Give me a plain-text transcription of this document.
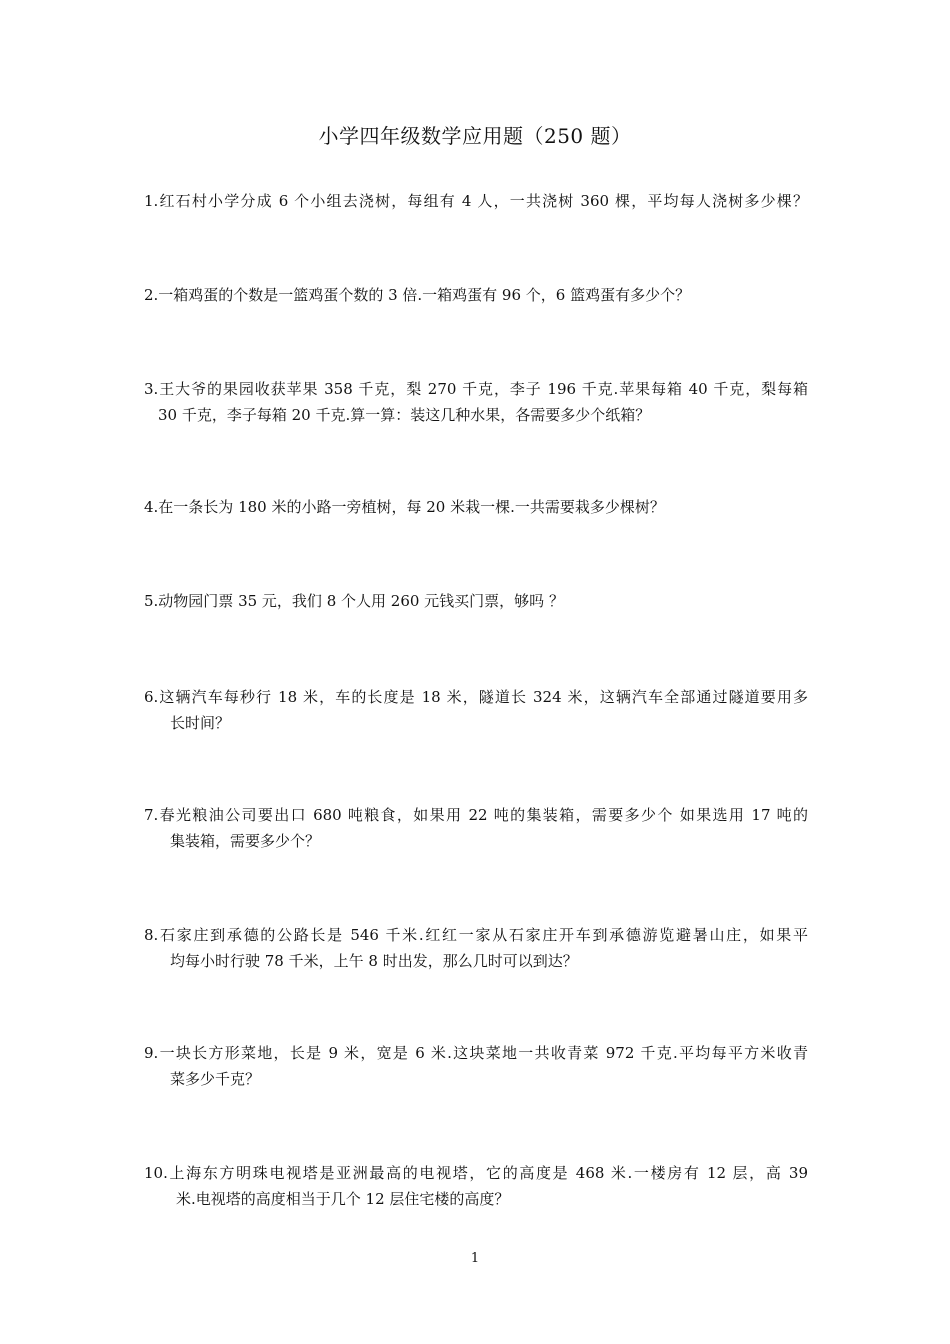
小学四年级数学应用题（250 题）
1.红石村小学分成 6 个小组去浇树，每组有 4 人，一共浇树 360 棵，平均每人浇树多少棵？
2.一箱鸡蛋的个数是一篮鸡蛋个数的 3 倍.一箱鸡蛋有 96 个，6 篮鸡蛋有多少个？
3.王大爷的果园收获苹果 358 千克，梨 270 千克，李子 196 千克.苹果每箱 40 千克，梨每箱
30 千克，李子每箱 20 千克.算一算：装这几种水果，各需要多少个纸箱？
4.在一条长为 180 米的小路一旁植树，每 20 米栽一棵.一共需要栽多少棵树？
5.动物园门票 35 元，我们 8 个人用 260 元钱买门票，够吗 ？
6.这辆汽车每秒行 18 米，车的长度是 18 米，隧道长 324 米，这辆汽车全部通过隧道要用多
长时间？
7.春光粮油公司要出口 680 吨粮食，如果用 22 吨的集装箱，需要多少个 如果选用 17 吨的
集装箱，需要多少个？
8.石家庄到承德的公路长是 546 千米.红红一家从石家庄开车到承德游览避暑山庄，如果平
均每小时行驶 78 千米，上午 8 时出发，那么几时可以到达？
9.一块长方形菜地，长是 9 米，宽是 6 米.这块菜地一共收青菜 972 千克.平均每平方米收青
菜多少千克？
10.上海东方明珠电视塔是亚洲最高的电视塔，它的高度是 468 米.一楼房有 12 层，高 39
米.电视塔的高度相当于几个 12 层住宅楼的高度？
1
